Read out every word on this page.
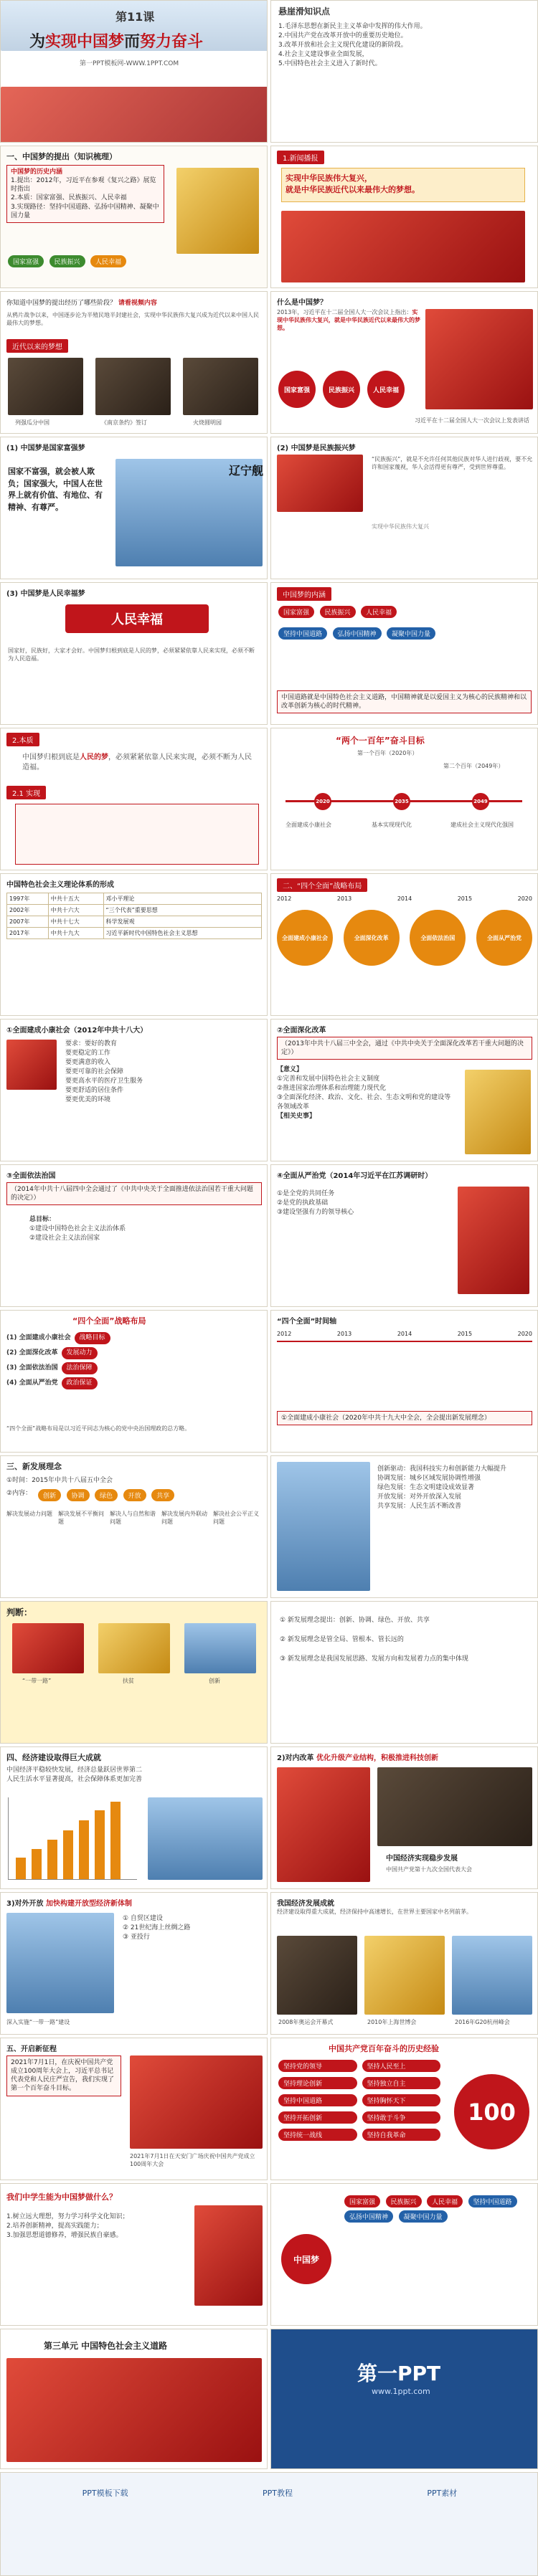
第11课
为实现中国梦而努力奋斗
第一PPT模板网-WWW.1PPT.COM
悬崖滑知识点
1.毛泽东思想在新民主主义革命中发挥的伟大作用。
2.中国共产党在改革开放中的重要历史地位。
3.改革开放和社会主义现代化建设的新阶段。
4.社会主义建设事业全面发展，
5.中国特色社会主义进入了新时代。
一、中国梦的提出（知识梳理）
中国梦的历史内涵
1.提出：2012年，习近平在参观《复兴之路》展览时指出
2.本质：国家富强、民族振兴、人民幸福
3.实现路径：坚持中国道路、弘扬中国精神、凝聚中国力量
国家富强 民族振兴 人民幸福
1.新闻播报
实现中华民族伟大复兴，
就是中华民族近代以来最伟大的梦想。
你知道中国梦的提出经历了哪些阶段？ 请看视频内容
从鸦片战争以来，中国逐步沦为半殖民地半封建社会，实现中华民族伟大复兴成为近代以来中国人民最伟大的梦想。
近代以来的梦想
列强瓜分中国	《南京条约》签订	火烧圆明园
什么是中国梦？
2013年，习近平在十二届全国人大一次会议上指出：实现中华民族伟大复兴，就是中华民族近代以来最伟大的梦想。
国家富强	民族振兴	人民幸福
习近平在十二届全国人大一次会议上发表讲话
(1) 中国梦是国家富强梦
国家不富强，就会被人欺负；国家强大，中国人在世界上就有价值、有地位、有精神、有尊严。
辽宁舰
(2) 中国梦是民族振兴梦
“民族振兴”，就是不允许任何其他民族对华人进行歧视，要不允许和国家蔑视，华人会活得更有尊严，受到世界尊重。
实现中华民族伟大复兴
(3) 中国梦是人民幸福梦
人民幸福
国家好，民族好，大家才会好。中国梦归根到底是人民的梦，必须紧紧依靠人民来实现，必须不断为人民造福。
中国梦的内涵
国家富强 民族振兴 人民幸福
坚持中国道路 弘扬中国精神 凝聚中国力量
中国道路就是中国特色社会主义道路，中国精神就是以爱国主义为核心的民族精神和以改革创新为核心的时代精神。
2.本质
中国梦归根到底是人民的梦，必须紧紧依靠人民来实现，必须不断为人民造福。
2.1 实现
“两个一百年”奋斗目标
第一个百年（2020年）
第二个百年（2049年）
2020	2035	2049
全面建成小康社会	基本实现现代化	建成社会主义现代化强国
中国特色社会主义理论体系的形成
1997年	中共十五大	邓小平理论
2002年	中共十六大	“三个代表”重要思想
2007年	中共十七大	科学发展观
2017年	中共十九大	习近平新时代中国特色社会主义思想
二、“四个全面”战略布局
2012	2013	2014	2015	2020
全面建成小康社会	全面深化改革	全面依法治国	全面从严治党
①全面建成小康社会（2012年中共十八大）
要求：要好的教育
要更稳定的工作
要更满意的收入
要更可靠的社会保障
要更高水平的医疗卫生服务
要更舒适的居住条件
要更优美的环境
②全面深化改革
（2013年中共十八届三中全会，通过《中共中央关于全面深化改革若干重大问题的决定》）
【意义】
①完善和发展中国特色社会主义制度
②推进国家治理体系和治理能力现代化
③全面深化经济、政治、文化、社会、生态文明和党的建设等各领域改革
【相关史事】
③全面依法治国
（2014年中共十八届四中全会通过了《中共中央关于全面推进依法治国若干重大问题的决定》）
总目标：
①建设中国特色社会主义法治体系
②建设社会主义法治国家
④全面从严治党（2014年习近平在江苏调研时）
①是全党的共同任务
②是党的执政基础
③建设坚强有力的领导核心
“四个全面”战略布局
(1) 全面建成小康社会 战略目标
(2) 全面深化改革 发展动力
(3) 全面依法治国 法治保障
(4) 全面从严治党 政治保证
“四个全面”战略布局是以习近平同志为核心的党中央治国理政的总方略。
“四个全面”时间轴
2012	2013	2014	2015	2020
①全面建成小康社会（2020年中共十九大中全会，全会提出新发展理念）
三、新发展理念
①时间：2015年中共十八届五中全会
②内容：	创新 协调 绿色 开放 共享
解决发展动力问题	解决发展不平衡问题
解决人与自然和谐问题
解决发展内外联动问题
解决社会公平正义问题
创新驱动：我国科技实力和创新能力大幅提升
协调发展：城乡区域发展协调性增强
绿色发展：生态文明建设成效显著
开放发展：对外开放深入发展
共享发展：人民生活不断改善
判断：
“一带一路”	扶贫	创新
① 新发展理念提出：创新、协调、绿色、开放、共享
② 新发展理念是管全局、管根本、管长远的
③ 新发展理念是我国发展思路、发展方向和发展着力点的集中体现
四、经济建设取得巨大成就
中国经济平稳较快发展，经济总量跃居世界第二
人民生活水平显著提高，社会保障体系更加完善
2)对内改革 优化升级产业结构，积极推进科技创新
中国经济实现稳步发展
中国共产党第十九次全国代表大会
3)对外开放 加快构建开放型经济新体制
① 自贸区建设
② 21世纪海上丝绸之路
③ 亚投行
深入实施“一带一路”建设
我国经济发展成就
经济建设取得重大成就，经济保持中高速增长，在世界主要国家中名列前茅。
2008年奥运会开幕式	2010年上海世博会	2016年G20杭州峰会
五、开启新征程
2021年7月1日，在庆祝中国共产党成立100周年大会上，习近平总书记代表党和人民庄严宣告，我们实现了第一个百年奋斗目标。
2021年7月1日在天安门广场庆祝中国共产党成立100周年大会
中国共产党百年奋斗的历史经验
坚持党的领导	坚持人民至上
坚持理论创新	坚持独立自主
坚持中国道路	坚持胸怀天下
坚持开拓创新	坚持敢于斗争
坚持统一战线	坚持自我革命
100
我们中学生能为中国梦做什么？
1.树立远大理想，努力学习科学文化知识；
2.培养创新精神，提高实践能力；
3.加强思想道德修养，增强民族自豪感。
中国梦
国家富强 民族振兴 人民幸福 坚持中国道路 弘扬中国精神 凝聚中国力量
第三单元 中国特色社会主义道路
第一PPT
www.1ppt.com
PPT模板下载	PPT教程	PPT素材
